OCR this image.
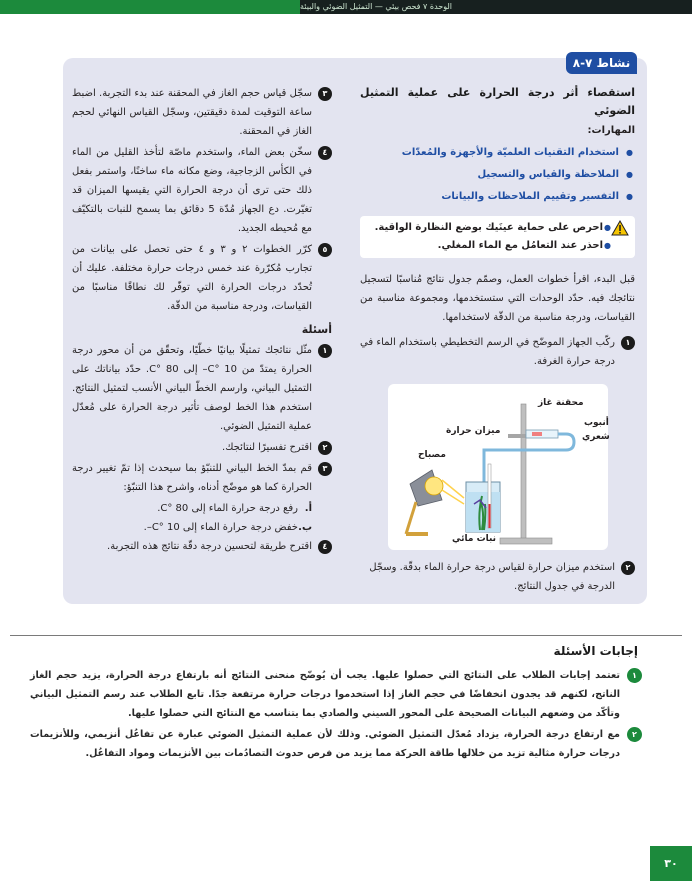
الوحدة ٧ فحص بيئي — التمثيل الضوئي والبيئة
نشاط ٧-٨
استقصاء أثر درجة الحرارة على عملية التمثيل الضوئي
المهارات:
● استخدام التقنيات العلميّة والأجهزة والمُعدّات
● الملاحظة والقياس والتسجيل
● التفسير وتقييم الملاحظات والبيانات
●
احرص على حماية عينَيك بوضع النظارة الواقية.
●
احذر عند التعامُل مع الماء المغلي.
قبل البدء، اقرأ خطوات العمل، وصمّم جدول نتائج مُناسبًا لتسجيل نتائجك فيه. حدّد الوحدات التي ستستخدمها، ومجموعة مناسبة من القياسات، ودرجة مناسبة من الدقّة لاستخدامها.
١
ركّب الجهاز الموضّح في الرسم التخطيطي باستخدام الماء في درجة حرارة الغرفة.
محقنة غاز
أنبوب
شعري
ميزان حرارة
مصباح
نبات مائي
٢
استخدم ميزان حرارة لقياس درجة حرارة الماء بدقّة. وسجّل الدرجة في جدول النتائج.
٣
سجّل قياس حجم الغاز في المحقنة عند بدء التجربة. اضبط ساعة التوقيت لمدة دقيقتين، وسجّل القياس النهائي لحجم الغاز في المحقنة.
٤
سخّن بعض الماء، واستخدم ماصّة لتأخذ القليل من الماء في الكأس الزجاجية، وضع مكانه ماء ساخنًا، واستمر بفعل ذلك حتى ترى أن درجة الحرارة التي يقيسها الميزان قد تغيّرت. دع الجهاز مُدّة 5 دقائق بما يسمح للنبات بالتكيّف مع مُحيطه الجديد.
٥
كرّر الخطوات ٢ و ٣ و ٤ حتى تحصل على بيانات من تجارب مُكرّرة عند خمس درجات حرارة مختلفة. عليك أن تُحدّد درجات الحرارة التي توفّر لك نطاقًا مناسبًا من القياسات، ودرجة مناسبة من الدقّة.
أسئلة
١
مثّل نتائجك تمثيلًا بيانيًا خطّيًا، وتحقّق من أن محور درجة الحرارة يمتدّ من C° 10– إلى C° 80. حدّد بياناتك على التمثيل البياني، وارسم الخطّ البياني الأنسب لتمثيل النتائج. استخدم هذا الخط لوصف تأثير درجة الحرارة على مُعدّل عملية التمثيل الضوئي.
٢
اقترح تفسيرًا لنتائجك.
٣
قم بمدّ الخط البياني للتنبّؤ بما سيحدث إذا تمّ تغيير درجة الحرارة كما هو موضّح أدناه، واشرح هذا التنبّؤ:
أ.
رفع درجة حرارة الماء إلى C° 80.
ب.
خفض درجة حرارة الماء إلى C° 10–.
٤
اقترح طريقة لتحسين درجة دقّة نتائج هذه التجربة.
إجابات الأسئلة
١
تعتمد إجابات الطلاب على النتائج التي حصلوا عليها. يجب أن يُوضّح منحنى النتائج أنه بارتفاع درجة الحرارة، يزيد حجم الغاز الناتج، لكنهم قد يجدون انخفاضًا في حجم الغاز إذا استخدموا درجات حرارة مرتفعة جدًا. تابع الطلاب عند رسم التمثيل البياني وتأكّد من وضعهم البيانات الصحيحة على المحور السيني والصادي بما يتناسب مع النتائج التي حصلوا عليها.
٢
مع ارتفاع درجة الحرارة، يزداد مُعدّل التمثيل الضوئي. وذلك لأن عملية التمثيل الضوئي عبارة عن تفاعُل أنزيمي، وللأنزيمات درجات حرارة مثالية تزيد من خلالها طاقة الحركة مما يزيد من فرص حدوث التصادُمات بين الأنزيمات ومواد التفاعُل.
٣٠
